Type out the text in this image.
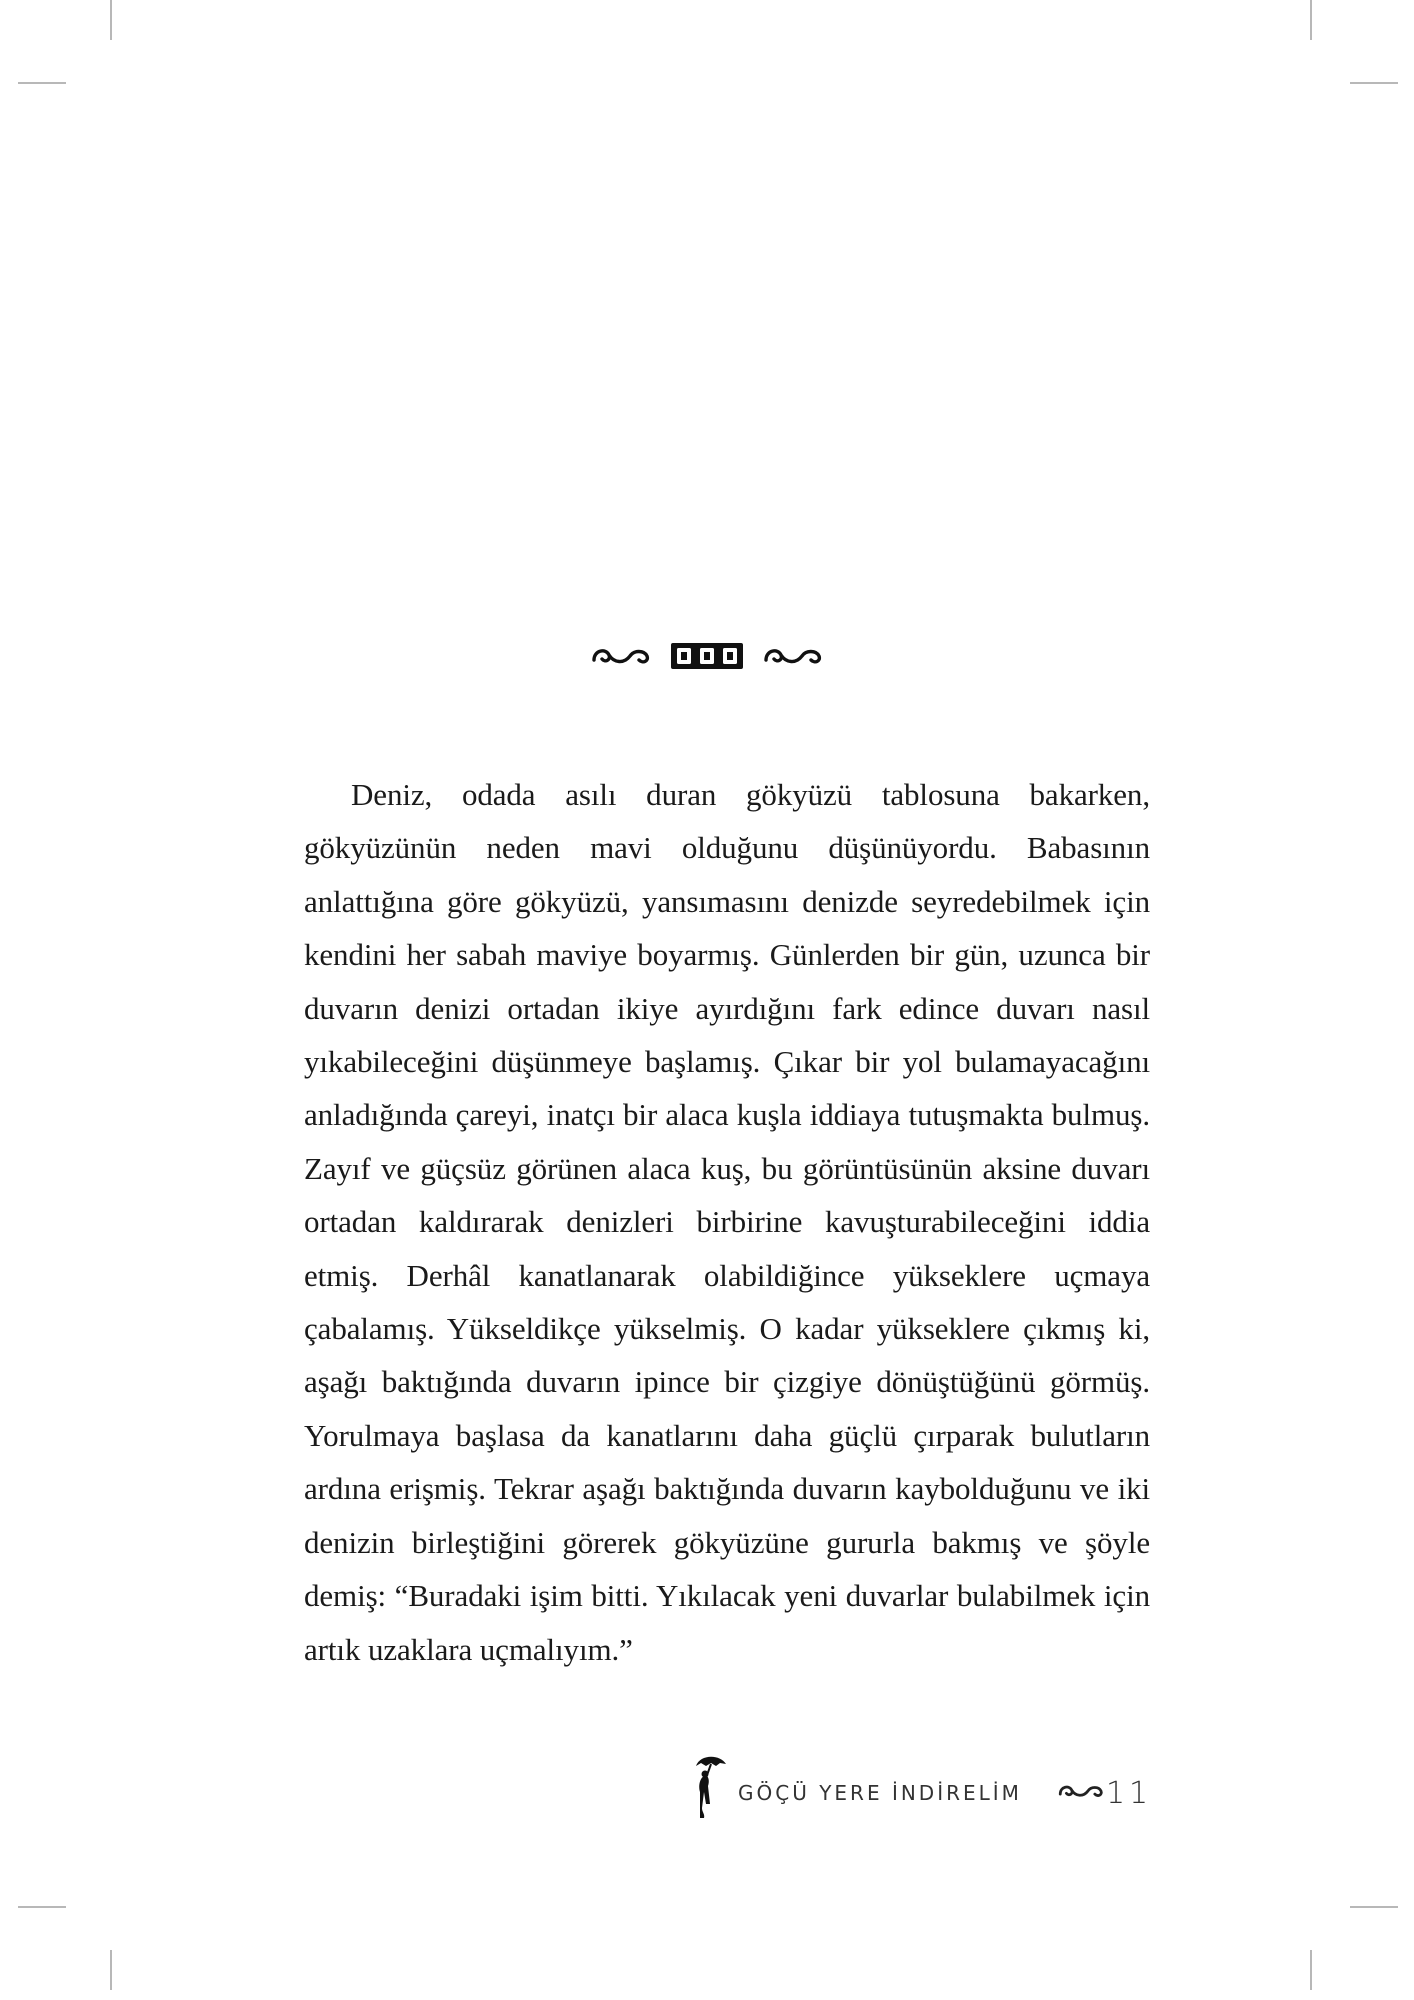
Deniz, odada asılı duran gökyüzü tablosuna bakarken, gökyüzünün neden mavi olduğunu düşünüyordu. Babasının anlattığına göre gökyüzü, yansımasını denizde seyredebilmek için kendini her sabah maviye boyarmış. Günlerden bir gün, uzunca bir duvarın denizi ortadan ikiye ayırdığını fark edince duvarı nasıl yıkabileceğini düşünmeye başlamış. Çıkar bir yol bulamayacağını anladığında çareyi, inatçı bir alaca kuşla iddiaya tutuşmakta bulmuş. Zayıf ve güçsüz görünen alaca kuş, bu görüntüsünün aksine duvarı ortadan kaldırarak denizleri birbirine kavuşturabileceğini iddia etmiş. Derhâl kanatlanarak olabildiğince yükseklere uçmaya çabalamış. Yükseldikçe yükselmiş. O kadar yükseklere çıkmış ki, aşağı baktığında duvarın ipince bir çizgiye dönüştüğünü görmüş. Yorulmaya başlasa da kanatlarını daha güçlü çırparak bulutların ardına erişmiş. Tekrar aşağı baktığında duvarın kaybolduğunu ve iki denizin birleştiğini görerek gökyüzüne gururla bakmış ve şöyle demiş: “Buradaki işim bitti. Yıkılacak yeni duvarlar bulabilmek için artık uzaklara uçmalıyım.”

GÖÇÜ YERE İNDİRELİM	11
